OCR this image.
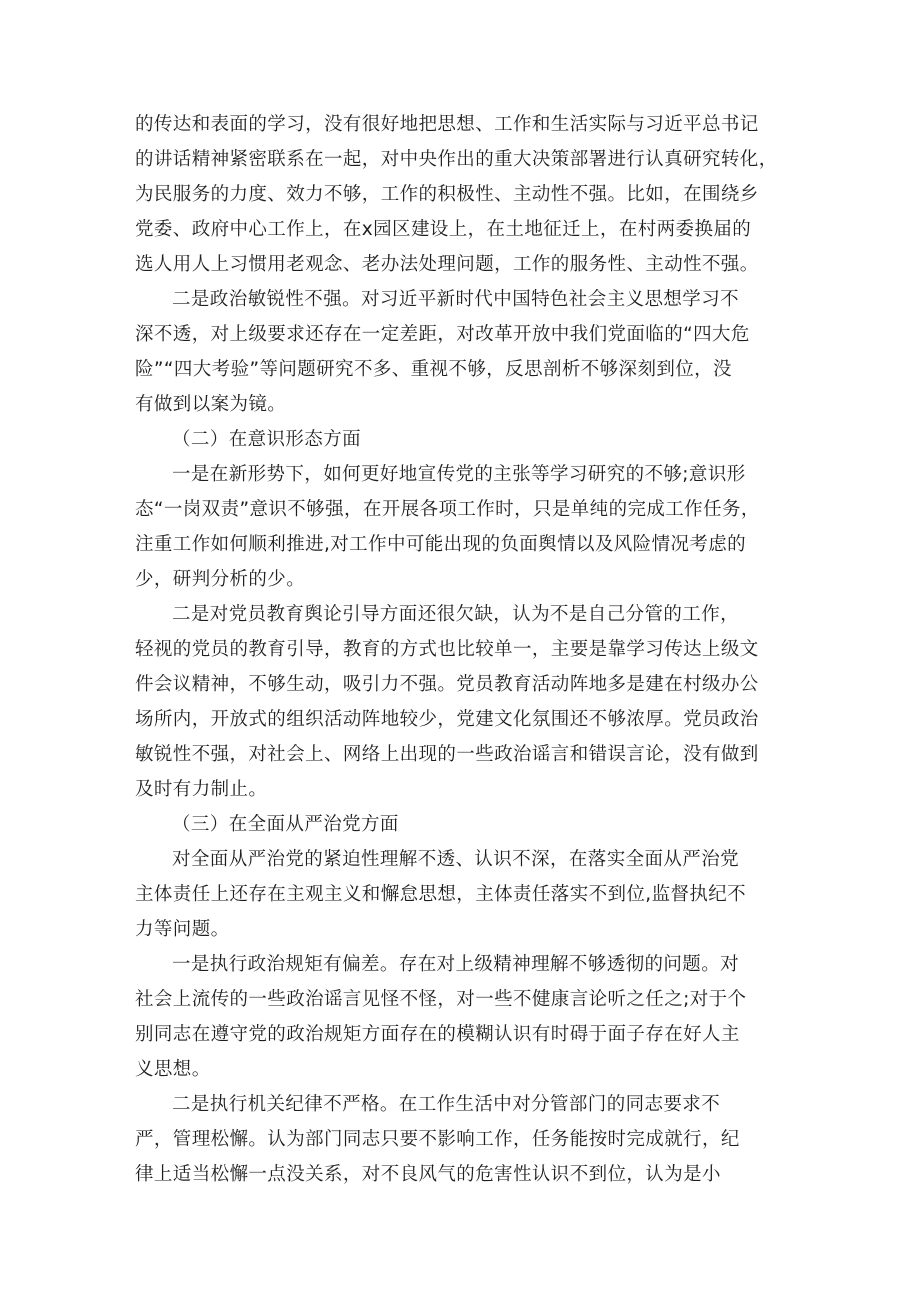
的传达和表面的学习，没有很好地把思想、工作和生活实际与习近平总书记
的讲话精神紧密联系在一起，对中央作出的重大决策部署进行认真研究转化，
为民服务的力度、效力不够，工作的积极性、主动性不强。比如，在围绕乡
党委、政府中心工作上，在x园区建设上，在土地征迁上，在村两委换届的
选人用人上习惯用老观念、老办法处理问题，工作的服务性、主动性不强。
二是政治敏锐性不强。对习近平新时代中国特色社会主义思想学习不
深不透，对上级要求还存在一定差距，对改革开放中我们党面临的“四大危
险”“四大考验”等问题研究不多、重视不够，反思剖析不够深刻到位，没
有做到以案为镜。
（二）在意识形态方面
一是在新形势下，如何更好地宣传党的主张等学习研究的不够;意识形
态“一岗双责”意识不够强，在开展各项工作时，只是单纯的完成工作任务，
注重工作如何顺利推进,对工作中可能出现的负面舆情以及风险情况考虑的
少，研判分析的少。
二是对党员教育舆论引导方面还很欠缺，认为不是自己分管的工作，
轻视的党员的教育引导，教育的方式也比较单一，主要是靠学习传达上级文
件会议精神，不够生动，吸引力不强。党员教育活动阵地多是建在村级办公
场所内，开放式的组织活动阵地较少，党建文化氛围还不够浓厚。党员政治
敏锐性不强，对社会上、网络上出现的一些政治谣言和错误言论，没有做到
及时有力制止。
（三）在全面从严治党方面
对全面从严治党的紧迫性理解不透、认识不深，在落实全面从严治党
主体责任上还存在主观主义和懈怠思想，主体责任落实不到位,监督执纪不
力等问题。
一是执行政治规矩有偏差。存在对上级精神理解不够透彻的问题。对
社会上流传的一些政治谣言见怪不怪，对一些不健康言论听之任之;对于个
别同志在遵守党的政治规矩方面存在的模糊认识有时碍于面子存在好人主
义思想。
二是执行机关纪律不严格。在工作生活中对分管部门的同志要求不
严，管理松懈。认为部门同志只要不影响工作，任务能按时完成就行，纪
律上适当松懈一点没关系，对不良风气的危害性认识不到位，认为是小
